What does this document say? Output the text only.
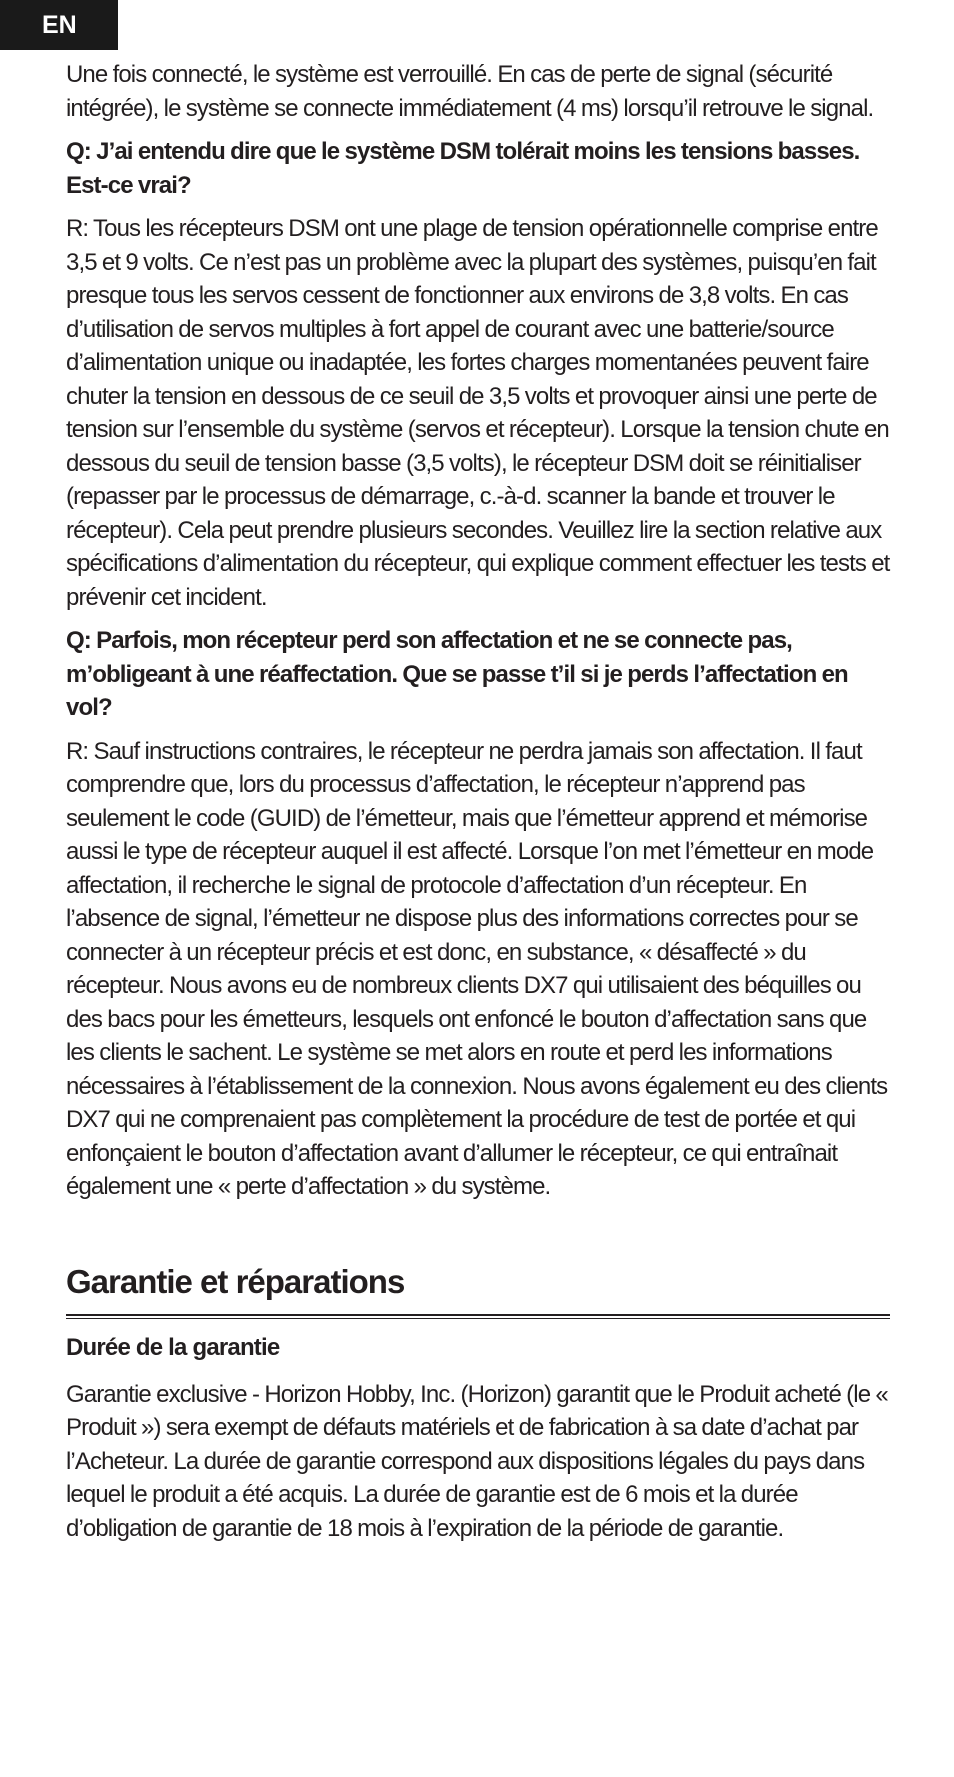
EN

Une fois connecté, le système est verrouillé. En cas de perte de signal (sécurité intégrée), le système se connecte immédiatement (4 ms) lorsqu’il retrouve le signal.

Q: J’ai entendu dire que le système DSM tolérait moins les tensions basses. Est-ce vrai?

R: Tous les récepteurs DSM ont une plage de tension opérationnelle comprise entre 3,5 et 9 volts. Ce n’est pas un problème avec la plupart des systèmes, puisqu’en fait presque tous les servos cessent de fonctionner aux environs de 3,8 volts. En cas d’utilisation de servos multiples à fort appel de courant avec une batterie/source d’alimentation unique ou inadaptée, les fortes charges momentanées peuvent faire chuter la tension en dessous de ce seuil de 3,5 volts et provoquer ainsi une perte de tension sur l’ensemble du système (servos et récepteur). Lorsque la tension chute en dessous du seuil de tension basse (3,5 volts), le récepteur DSM doit se réinitialiser (repasser par le processus de démarrage, c.-à-d. scanner la bande et trouver le récepteur). Cela peut prendre plusieurs secondes. Veuillez lire la section relative aux spécifications d’alimentation du récepteur, qui explique comment effectuer les tests et prévenir cet incident.

Q: Parfois, mon récepteur perd son affectation et ne se connecte pas, m’obligeant à une réaffectation. Que se passe t’il si je perds l’affectation en vol?

R: Sauf instructions contraires, le récepteur ne perdra jamais son affectation. Il faut comprendre que, lors du processus d’affectation, le récepteur n’apprend pas seulement le code (GUID) de l’émetteur, mais que l’émetteur apprend et mémorise aussi le type de récepteur auquel il est affecté. Lorsque l’on met l’émetteur en mode affectation, il recherche le signal de protocole d’affectation d’un récepteur. En l’absence de signal, l’émetteur ne dispose plus des informations correctes pour se connecter à un récepteur précis et est donc, en substance, « désaffecté » du récepteur. Nous avons eu de nombreux clients DX7 qui utilisaient des béquilles ou des bacs pour les émetteurs, lesquels ont enfoncé le bouton d’affectation sans que les clients le sachent. Le système se met alors en route et perd les informations nécessaires à l’établissement de la connexion. Nous avons également eu des clients DX7 qui ne comprenaient pas complètement la procédure de test de portée et qui enfonçaient le bouton d’affectation avant d’allumer le récepteur, ce qui entraînait également une « perte d’affectation » du système.

Garantie et réparations

Durée de la garantie

Garantie exclusive - Horizon Hobby, Inc. (Horizon) garantit que le Produit acheté (le « Produit ») sera exempt de défauts matériels et de fabrication à sa date d’achat par l’Acheteur. La durée de garantie correspond aux dispositions légales du pays dans lequel le produit a été acquis. La durée de garantie est de 6 mois et la durée d’obligation de garantie de 18 mois à l’expiration de la période de garantie.
